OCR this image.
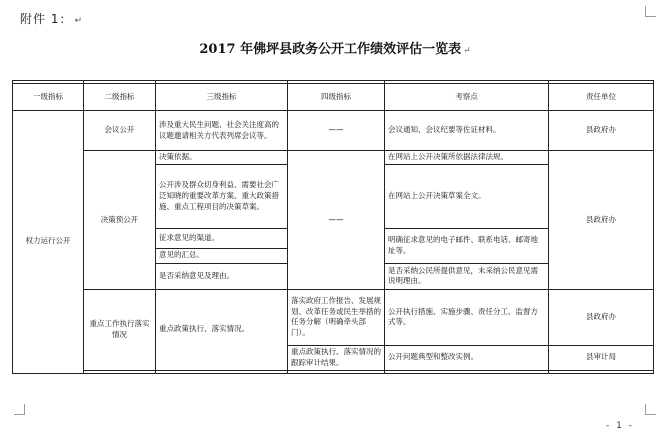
附件 1： ↵
2017 年佛坪县政务公开工作绩效评估一览表 ↵

一级指标	二级指标	三级指标	四级指标	考察点	责任单位
权力运行公开	会议公开	涉及重大民生问题、社会关注度高的议题邀请相关方代表列席会议等。	——	会议通知、会议纪要等佐证材料。	县政府办
	决策预公开	决策依据。	——	在网站上公开决策所依据法律法规。	县政府办
		公开涉及群众切身利益、需要社会广泛知晓的重要改革方案、重大政策措施、重点工程项目的决策草案。		在网站上公开决策草案全文。	
		征求意见的渠道。		明确征求意见的电子邮件、联系电话、邮寄地址等。	
		意见的汇总。			
		是否采纳意见及理由。		是否采纳公民所提供意见，未采纳公民意见需说明理由。	
	重点工作执行落实情况	重点政策执行、落实情况。	落实政府工作报告、发展规划、改革任务或民生举措的任务分解（明确牵头部门）。	公开执行措施、实施步骤、责任分工、监督方式等。	县政府办
			重点政策执行、落实情况的跟踪审计结果。	公开问题典型和整改实例。	县审计局

- 1 -
